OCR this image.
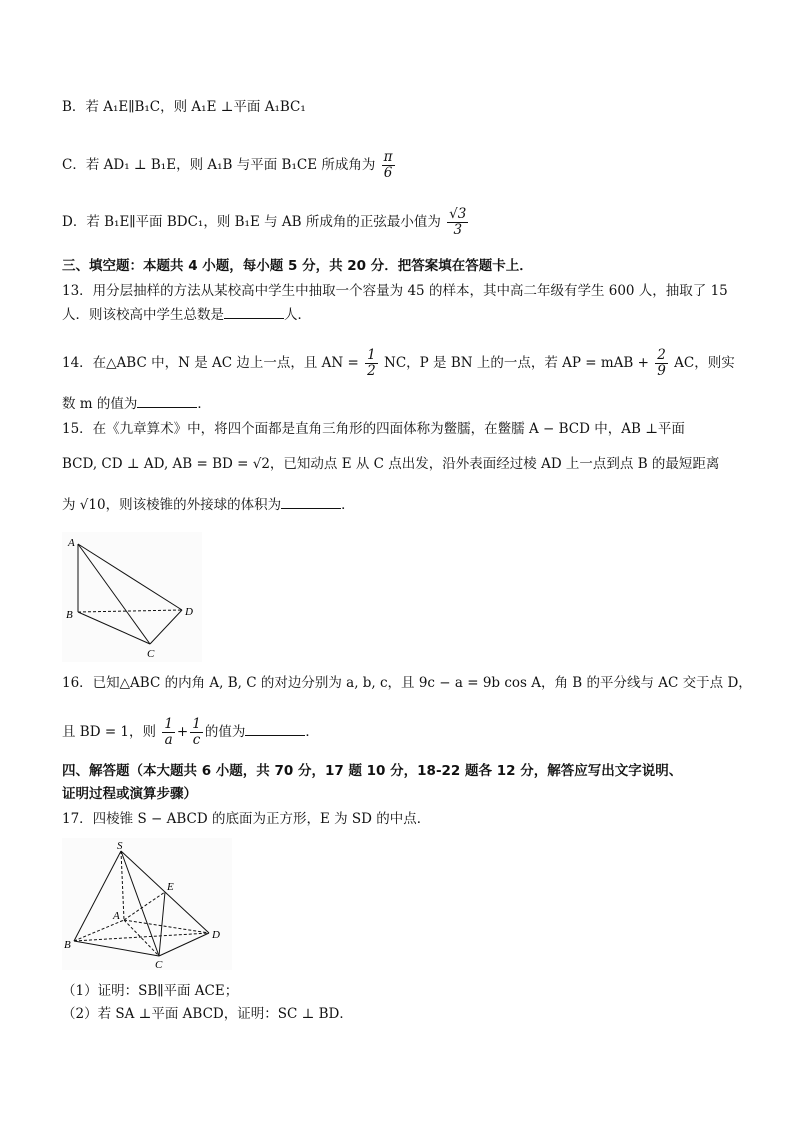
B．若 A₁E∥B₁C，则 A₁E ⊥平面 A₁BC₁
C．若 AD₁ ⊥ B₁E，则 A₁B 与平面 B₁CE 所成角为 $\frac{\pi}{6}$
D．若 B₁E∥平面 BDC₁，则 B₁E 与 AB 所成角的正弦最小值为 $\frac{√3}{3}$
三、填空题：本题共 4 小题，每小题 5 分，共 20 分．把答案填在答题卡上．
13．用分层抽样的方法从某校高中学生中抽取一个容量为 45 的样本，其中高二年级有学生 600 人，抽取了 15
人．则该校高中学生总数是	人．
14．在△ABC 中，N 是 AC 边上一点，且 AN = $\frac{1}{2}$ NC，P 是 BN 上的一点，若 AP = mAB + $\frac{2}{9}$ AC，则实
数 m 的值为	．
15．在《九章算术》中，将四个面都是直角三角形的四面体称为鳖臑，在鳖臑 A − BCD 中，AB ⊥平面
BCD, CD ⊥ AD, AB = BD = √2，已知动点 E 从 C 点出发，沿外表面经过棱 AD 上一点到点 B 的最短距离
为 √10，则该棱锥的外接球的体积为	．
A
B	D
C
16．已知△ABC 的内角 A, B, C 的对边分别为 a, b, c，且 9c − a = 9b cos A，角 B 的平分线与 AC 交于点 D，
且 BD = 1，则 $\frac{1}{a} + \frac{1}{c}$ 的值为	．
四、解答题（本大题共 6 小题，共 70 分，17 题 10 分，18-22 题各 12 分，解答应写出文字说明、
证明过程或演算步骤）
17．四棱锥 S − ABCD 的底面为正方形，E 为 SD 的中点．
S
E
A
B
C
D
（1）证明：SB∥平面 ACE；
（2）若 SA ⊥平面 ABCD，证明：SC ⊥ BD．
